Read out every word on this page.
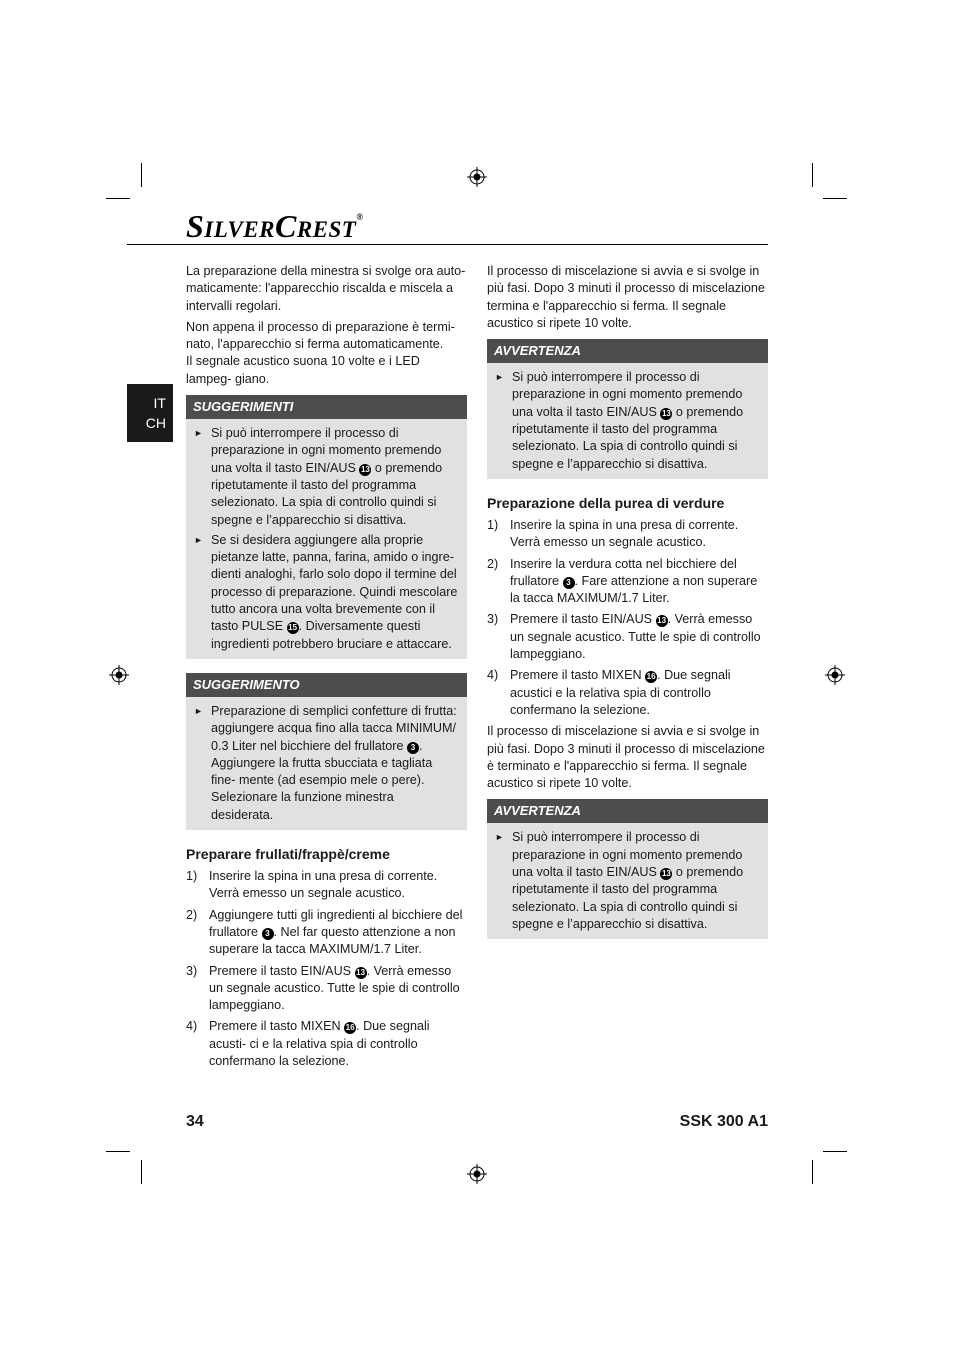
SILVERCREST®
IT
CH

La preparazione della minestra si svolge ora auto- maticamente: l'apparecchio riscalda e miscela a intervalli regolari.

Non appena il processo di preparazione è termi- nato, l'apparecchio si ferma automaticamente.

Il segnale acustico suona 10 volte e i LED lampeg- giano.

SUGGERIMENTI
► Si può interrompere il processo di preparazione in ogni momento premendo una volta il tasto EIN/AUS 13 o premendo ripetutamente il tasto del programma selezionato. La spia di controllo quindi si spegne e l’apparecchio si disattiva.
► Se si desidera aggiungere alla proprie pietanze latte, panna, farina, amido o ingre- dienti analoghi, farlo solo dopo il termine del processo di preparazione. Quindi mescolare tutto ancora una volta brevemente con il tasto PULSE 15 . Diversamente questi ingredienti potrebbero bruciare e attaccare.
SUGGERIMENTO
► Preparazione di semplici confetture di frutta: aggiungere acqua fino alla tacca MINIMUM/ 0.3 Liter nel bicchiere del frullatore 3 . Aggiungere la frutta sbucciata e tagliata fine- mente (ad esempio mele o pere). Selezionare la funzione minestra desiderata.
Preparare frullati/frappè/creme
1) Inserire la spina in una presa di corrente. Verrà emesso un segnale acustico.
2) Aggiungere tutti gli ingredienti al bicchiere del frullatore 3 . Nel far questo attenzione a non superare la tacca MAXIMUM/1.7 Liter.
3) Premere il tasto EIN/AUS 13 . Verrà emesso un segnale acustico. Tutte le spie di controllo lampeggiano.
4) Premere il tasto MIXEN 16 . Due segnali acusti- ci e la relativa spia di controllo confermano la selezione.

Il processo di miscelazione si avvia e si svolge in più fasi. Dopo 3 minuti il processo di miscelazione termina e l'apparecchio si ferma. Il segnale acustico si ripete 10 volte.

AVVERTENZA
► Si può interrompere il processo di preparazione in ogni momento premendo una volta il tasto EIN/AUS 13 o premendo ripetutamente il tasto del programma selezionato. La spia di controllo quindi si spegne e l’apparecchio si disattiva.
Preparazione della purea di verdure
1) Inserire la spina in una presa di corrente. Verrà emesso un segnale acustico.
2) Inserire la verdura cotta nel bicchiere del frullatore 3 . Fare attenzione a non superare la tacca MAXIMUM/1.7 Liter.
3) Premere il tasto EIN/AUS 13 . Verrà emesso un segnale acustico. Tutte le spie di controllo lampeggiano.
4) Premere il tasto MIXEN 16 . Due segnali acustici e la relativa spia di controllo confermano la selezione.

Il processo di miscelazione si avvia e si svolge in più fasi. Dopo 3 minuti il processo di miscelazione è terminato e l'apparecchio si ferma. Il segnale acustico si ripete 10 volte.

AVVERTENZA
► Si può interrompere il processo di preparazione in ogni momento premendo una volta il tasto EIN/AUS 13 o premendo ripetutamente il tasto del programma selezionato. La spia di controllo quindi si spegne e l’apparecchio si disattiva.
34	SSK 300 A1
